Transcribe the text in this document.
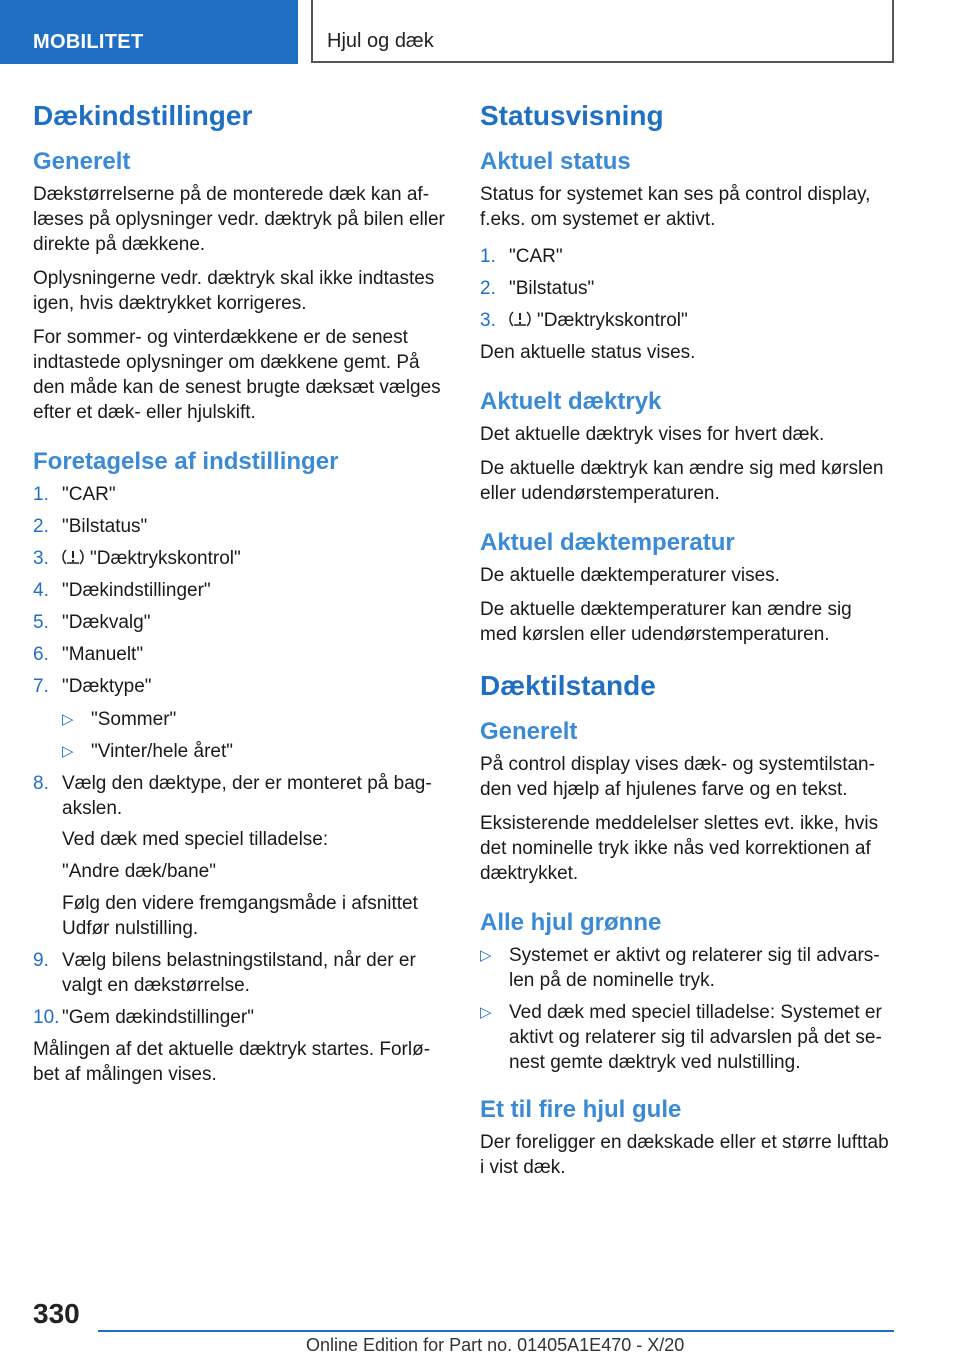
MOBILITET	Hjul og dæk
Dækindstillinger
Generelt

Dækstørrelserne på de monterede dæk kan aflæses på oplysninger vedr. dæktryk på bilen eller direkte på dækkene.

Oplysningerne vedr. dæktryk skal ikke indtastes igen, hvis dæktrykket korrigeres.

For sommer- og vinterdækkene er de senest indtastede oplysninger om dækkene gemt. På den måde kan de senest brugte dæksæt vælges efter et dæk- eller hjulskift.

Foretagelse af indstillinger
1. "CAR"
2. "Bilstatus"
3. "Dæktrykskontrol"
4. "Dækindstillinger"
5. "Dækvalg"
6. "Manuelt"
7. "Dæktype"
▷ "Sommer"
▷ "Vinter/hele året"
8. Vælg den dæktype, der er monteret på bagakslen.

Ved dæk med speciel tilladelse:

"Andre dæk/bane"

Følg den videre fremgangsmåde i afsnittet Udfør nulstilling.

9. Vælg bilens belastningstilstand, når der er valgt en dækstørrelse.
10. "Gem dækindstillinger"

Målingen af det aktuelle dæktryk startes. Forløbet af målingen vises.

Statusvisning
Aktuel status

Status for systemet kan ses på control display, f.eks. om systemet er aktivt.

1. "CAR"
2. "Bilstatus"
3. "Dæktrykskontrol"

Den aktuelle status vises.

Aktuelt dæktryk

Det aktuelle dæktryk vises for hvert dæk.

De aktuelle dæktryk kan ændre sig med kørslen eller udendørstemperaturen.

Aktuel dæktemperatur

De aktuelle dæktemperaturer vises.

De aktuelle dæktemperaturer kan ændre sig med kørslen eller udendørstemperaturen.

Dæktilstande
Generelt

På control display vises dæk- og systemtilstanden ved hjælp af hjulenes farve og en tekst.

Eksisterende meddelelser slettes evt. ikke, hvis det nominelle tryk ikke nås ved korrektionen af dæktrykket.

Alle hjul grønne
▷ Systemet er aktivt og relaterer sig til advarslen på de nominelle tryk.
▷ Ved dæk med speciel tilladelse: Systemet er aktivt og relaterer sig til advarslen på det senest gemte dæktryk ved nulstilling.
Et til fire hjul gule

Der foreligger en dækskade eller et større lufttab i vist dæk.

330
Online Edition for Part no. 01405A1E470 - X/20
